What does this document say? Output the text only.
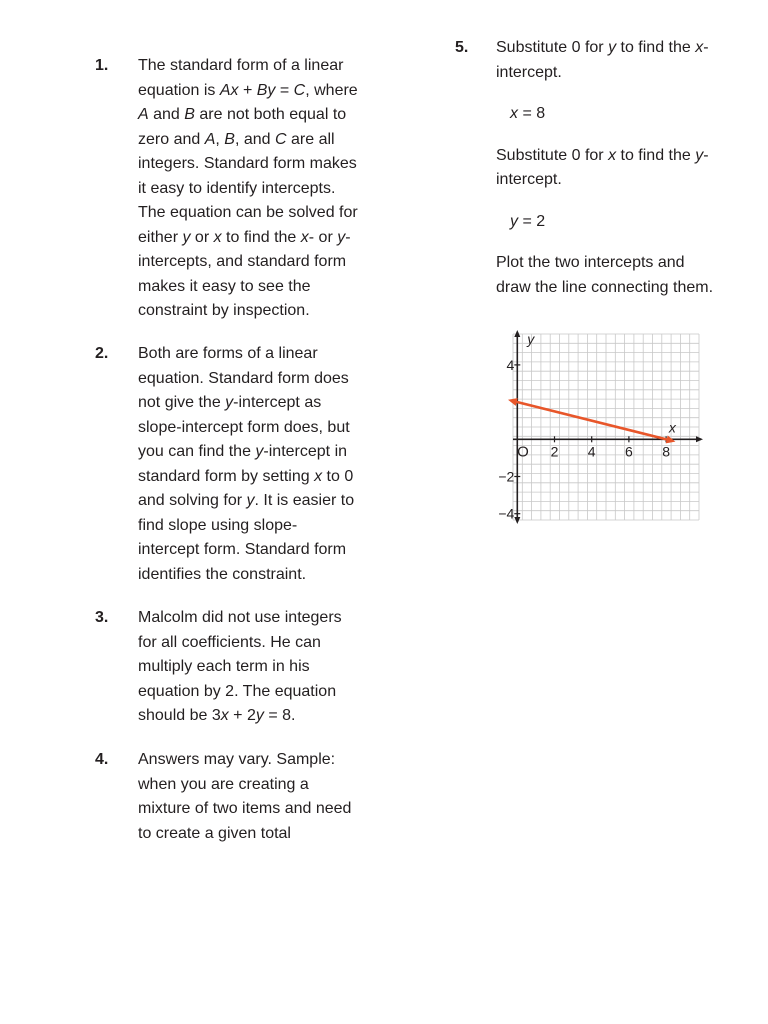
1. The standard form of a linear
equation is Ax + By = C, where
A and B are not both equal to
zero and A, B, and C are all
integers. Standard form makes
it easy to identify intercepts.
The equation can be solved for
either y or x to find the x- or y-
intercepts, and standard form
makes it easy to see the
constraint by inspection.
2. Both are forms of a linear
equation. Standard form does
not give the y-intercept as
slope-intercept form does, but
you can find the y-intercept in
standard form by setting x to 0
and solving for y. It is easier to
find slope using slope-
intercept form. Standard form
identifies the constraint.
3. Malcolm did not use integers
for all coefficients. He can
multiply each term in his
equation by 2. The equation
should be 3x + 2y = 8.
4. Answers may vary. Sample:
when you are creating a
mixture of two items and need
to create a given total
5. Substitute 0 for y to find the x-
intercept.
x = 8
Substitute 0 for x to find the y-
intercept.
y = 2
Plot the two intercepts and
draw the line connecting them.
2 4 6 8
4
−2
−4
O
y
x
